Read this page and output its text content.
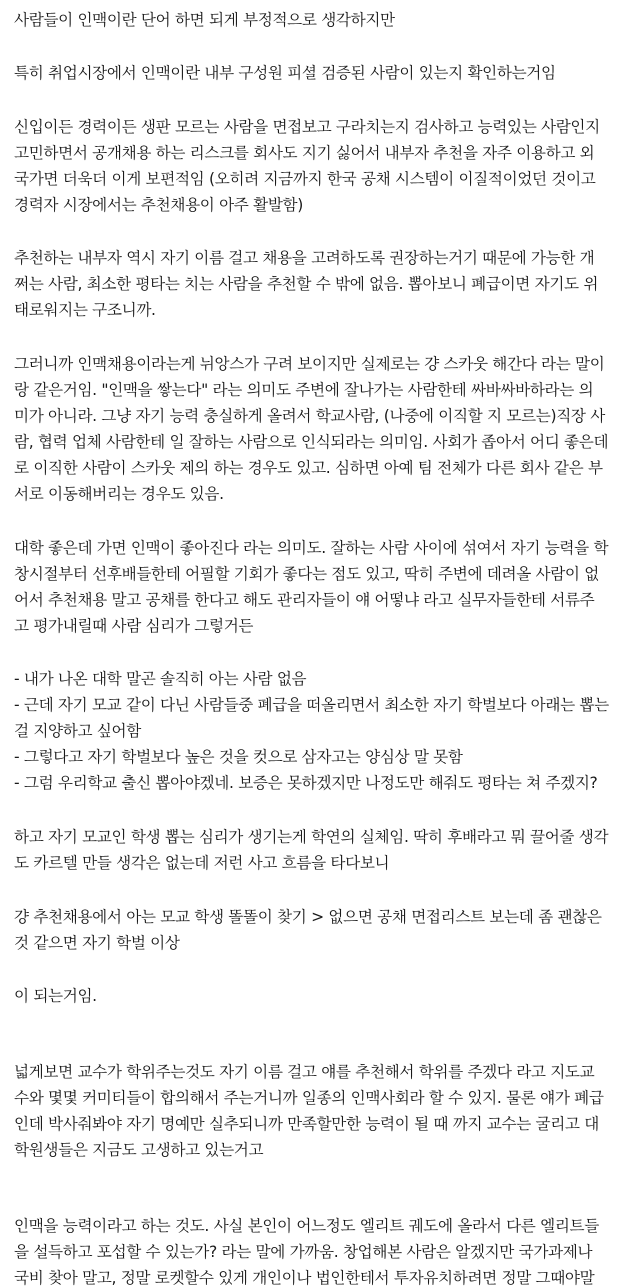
사람들이 인맥이란 단어 하면 되게 부정적으로 생각하지만
특히 취업시장에서 인맥이란 내부 구성원 피셜 검증된 사람이 있는지 확인하는거임
신입이든 경력이든 생판 모르는 사람을 면접보고 구라치는지 검사하고 능력있는 사람인지
고민하면서 공개채용 하는 리스크를 회사도 지기 싫어서 내부자 추천을 자주 이용하고 외
국가면 더욱더 이게 보편적임 (오히려 지금까지 한국 공채 시스템이 이질적이었던 것이고
경력자 시장에서는 추천채용이 아주 활발함)
추천하는 내부자 역시 자기 이름 걸고 채용을 고려하도록 권장하는거기 때문에 가능한 개
쩌는 사람, 최소한 평타는 치는 사람을 추천할 수 밖에 없음. 뽑아보니 폐급이면 자기도 위
태로워지는 구조니까.
그러니까 인맥채용이라는게 뉘앙스가 구려 보이지만 실제로는 걍 스카웃 해간다 라는 말이
랑 같은거임. "인맥을 쌓는다" 라는 의미도 주변에 잘나가는 사람한테 싸바싸바하라는 의
미가 아니라. 그냥 자기 능력 충실하게 올려서 학교사람, (나중에 이직할 지 모르는)직장 사
람, 협력 업체 사람한테 일 잘하는 사람으로 인식되라는 의미임. 사회가 좁아서 어디 좋은데
로 이직한 사람이 스카웃 제의 하는 경우도 있고. 심하면 아예 팀 전체가 다른 회사 같은 부
서로 이동해버리는 경우도 있음.
대학 좋은데 가면 인맥이 좋아진다 라는 의미도. 잘하는 사람 사이에 섞여서 자기 능력을 학
창시절부터 선후배들한테 어필할 기회가 좋다는 점도 있고, 딱히 주변에 데려올 사람이 없
어서 추천채용 말고 공채를 한다고 해도 관리자들이 얘 어떻냐 라고 실무자들한테 서류주
고 평가내릴때 사람 심리가 그렇거든
- 내가 나온 대학 말곤 솔직히 아는 사람 없음
- 근데 자기 모교 같이 다닌 사람들중 폐급을 떠올리면서 최소한 자기 학벌보다 아래는 뽑는
걸 지양하고 싶어함
- 그렇다고 자기 학벌보다 높은 것을 컷으로 삼자고는 양심상 말 못함
- 그럼 우리학교 출신 뽑아야겠네. 보증은 못하겠지만 나정도만 해줘도 평타는 쳐 주겠지?
하고 자기 모교인 학생 뽑는 심리가 생기는게 학연의 실체임. 딱히 후배라고 뭐 끌어줄 생각
도 카르텔 만들 생각은 없는데 저런 사고 흐름을 타다보니
걍 추천채용에서 아는 모교 학생 똘똘이 찾기 > 없으면 공채 면접리스트 보는데 좀 괜찮은
것 같으면 자기 학벌 이상
이 되는거임.
넓게보면 교수가 학위주는것도 자기 이름 걸고 얘를 추천해서 학위를 주겠다 라고 지도교
수와 몇몇 커미티들이 합의해서 주는거니까 일종의 인맥사회라 할 수 있지. 물론 얘가 폐급
인데 박사줘봐야 자기 명예만 실추되니까 만족할만한 능력이 될 때 까지 교수는 굴리고 대
학원생들은 지금도 고생하고 있는거고
인맥을 능력이라고 하는 것도. 사실 본인이 어느정도 엘리트 궤도에 올라서 다른 엘리트들
을 설득하고 포섭할 수 있는가? 라는 말에 가까움. 창업해본 사람은 알겠지만 국가과제나
국비 찾아 말고, 정말 로켓할수 있게 개인이나 법인한테서 투자유치하려면 정말 그때야말
